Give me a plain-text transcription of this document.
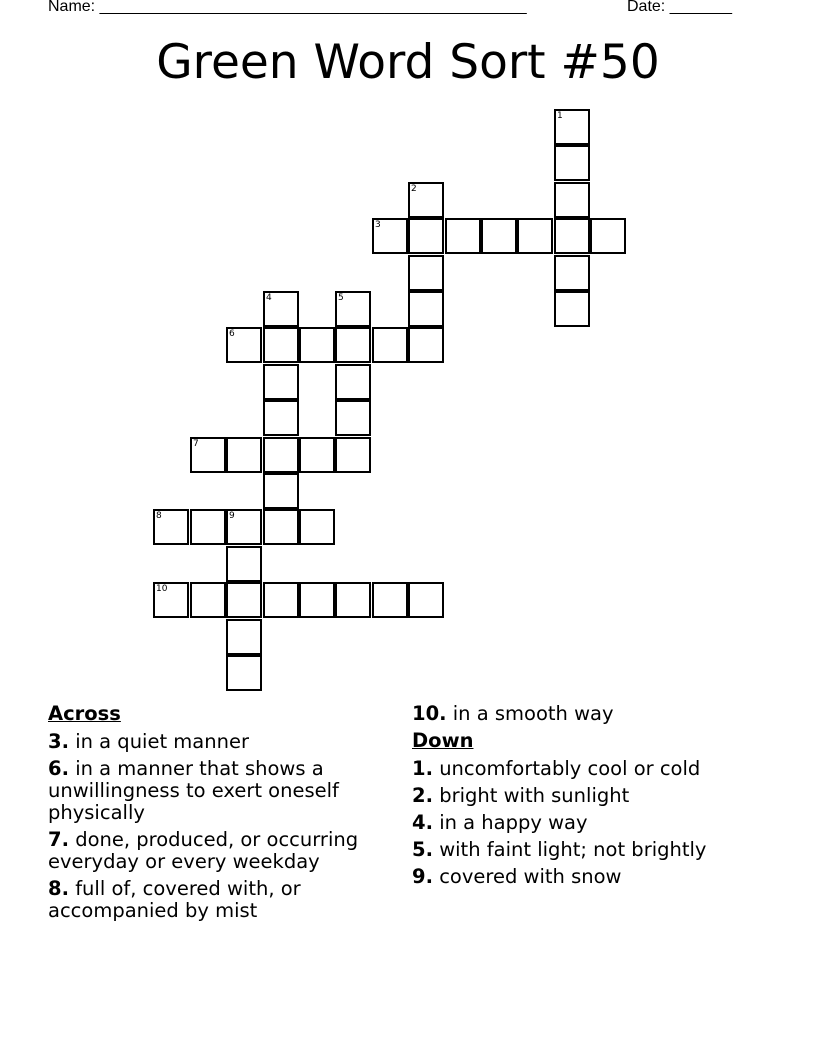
Name: ________________________________________________	Date: _______
Green Word Sort #50
1
2
3
4	5
6
7
8	9
10
Across
3. in a quiet manner
6. in a manner that shows a unwillingness to exert oneself physically
7. done, produced, or occurring everyday or every weekday
8. full of, covered with, or accompanied by mist
10. in a smooth way
Down
1. uncomfortably cool or cold
2. bright with sunlight
4. in a happy way
5. with faint light; not brightly
9. covered with snow
